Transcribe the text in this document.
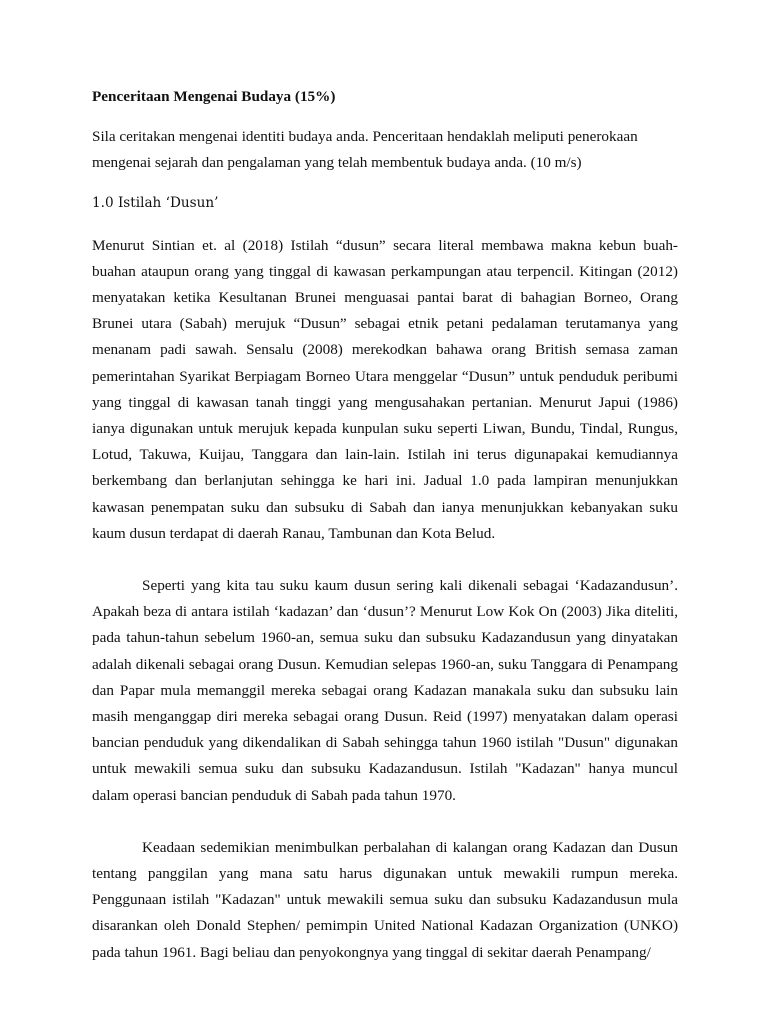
Penceritaan Mengenai Budaya (15%)

Sila ceritakan mengenai identiti budaya anda. Penceritaan hendaklah meliputi penerokaan mengenai sejarah dan pengalaman yang telah membentuk budaya anda. (10 m/s)

1.0 Istilah ‘Dusun’

Menurut Sintian et. al (2018) Istilah “dusun” secara literal membawa makna kebun buah-buahan ataupun orang yang tinggal di kawasan perkampungan atau terpencil. Kitingan (2012) menyatakan ketika Kesultanan Brunei menguasai pantai barat di bahagian Borneo, Orang Brunei utara (Sabah) merujuk “Dusun” sebagai etnik petani pedalaman terutamanya yang menanam padi sawah. Sensalu (2008) merekodkan bahawa orang British semasa zaman pemerintahan Syarikat Berpiagam Borneo Utara menggelar “Dusun” untuk penduduk peribumi yang tinggal di kawasan tanah tinggi yang mengusahakan pertanian. Menurut Japui (1986) ianya digunakan untuk merujuk kepada kunpulan suku seperti Liwan, Bundu, Tindal, Rungus, Lotud, Takuwa, Kuijau, Tanggara dan lain-lain. Istilah ini terus digunapakai kemudiannya berkembang dan berlanjutan sehingga ke hari ini. Jadual 1.0 pada lampiran menunjukkan kawasan penempatan suku dan subsuku di Sabah dan ianya menunjukkan kebanyakan suku kaum dusun terdapat di daerah Ranau, Tambunan dan Kota Belud.

Seperti yang kita tau suku kaum dusun sering kali dikenali sebagai ‘Kadazandusun’. Apakah beza di antara istilah ‘kadazan’ dan ‘dusun’? Menurut Low Kok On (2003) Jika diteliti, pada tahun-tahun sebelum 1960-an, semua suku dan subsuku Kadazandusun yang dinyatakan adalah dikenali sebagai orang Dusun. Kemudian selepas 1960-an, suku Tanggara di Penampang dan Papar mula memanggil mereka sebagai orang Kadazan manakala suku dan subsuku lain masih menganggap diri mereka sebagai orang Dusun. Reid (1997) menyatakan dalam operasi bancian penduduk yang dikendalikan di Sabah sehingga tahun 1960 istilah "Dusun" digunakan untuk mewakili semua suku dan subsuku Kadazandusun. Istilah "Kadazan" hanya muncul dalam operasi bancian penduduk di Sabah pada tahun 1970.

Keadaan sedemikian menimbulkan perbalahan di kalangan orang Kadazan dan Dusun tentang panggilan yang mana satu harus digunakan untuk mewakili rumpun mereka. Penggunaan istilah "Kadazan" untuk mewakili semua suku dan subsuku Kadazandusun mula disarankan oleh Donald Stephen/ pemimpin United National Kadazan Organization (UNKO) pada tahun 1961. Bagi beliau dan penyokongnya yang tinggal di sekitar daerah Penampang/
